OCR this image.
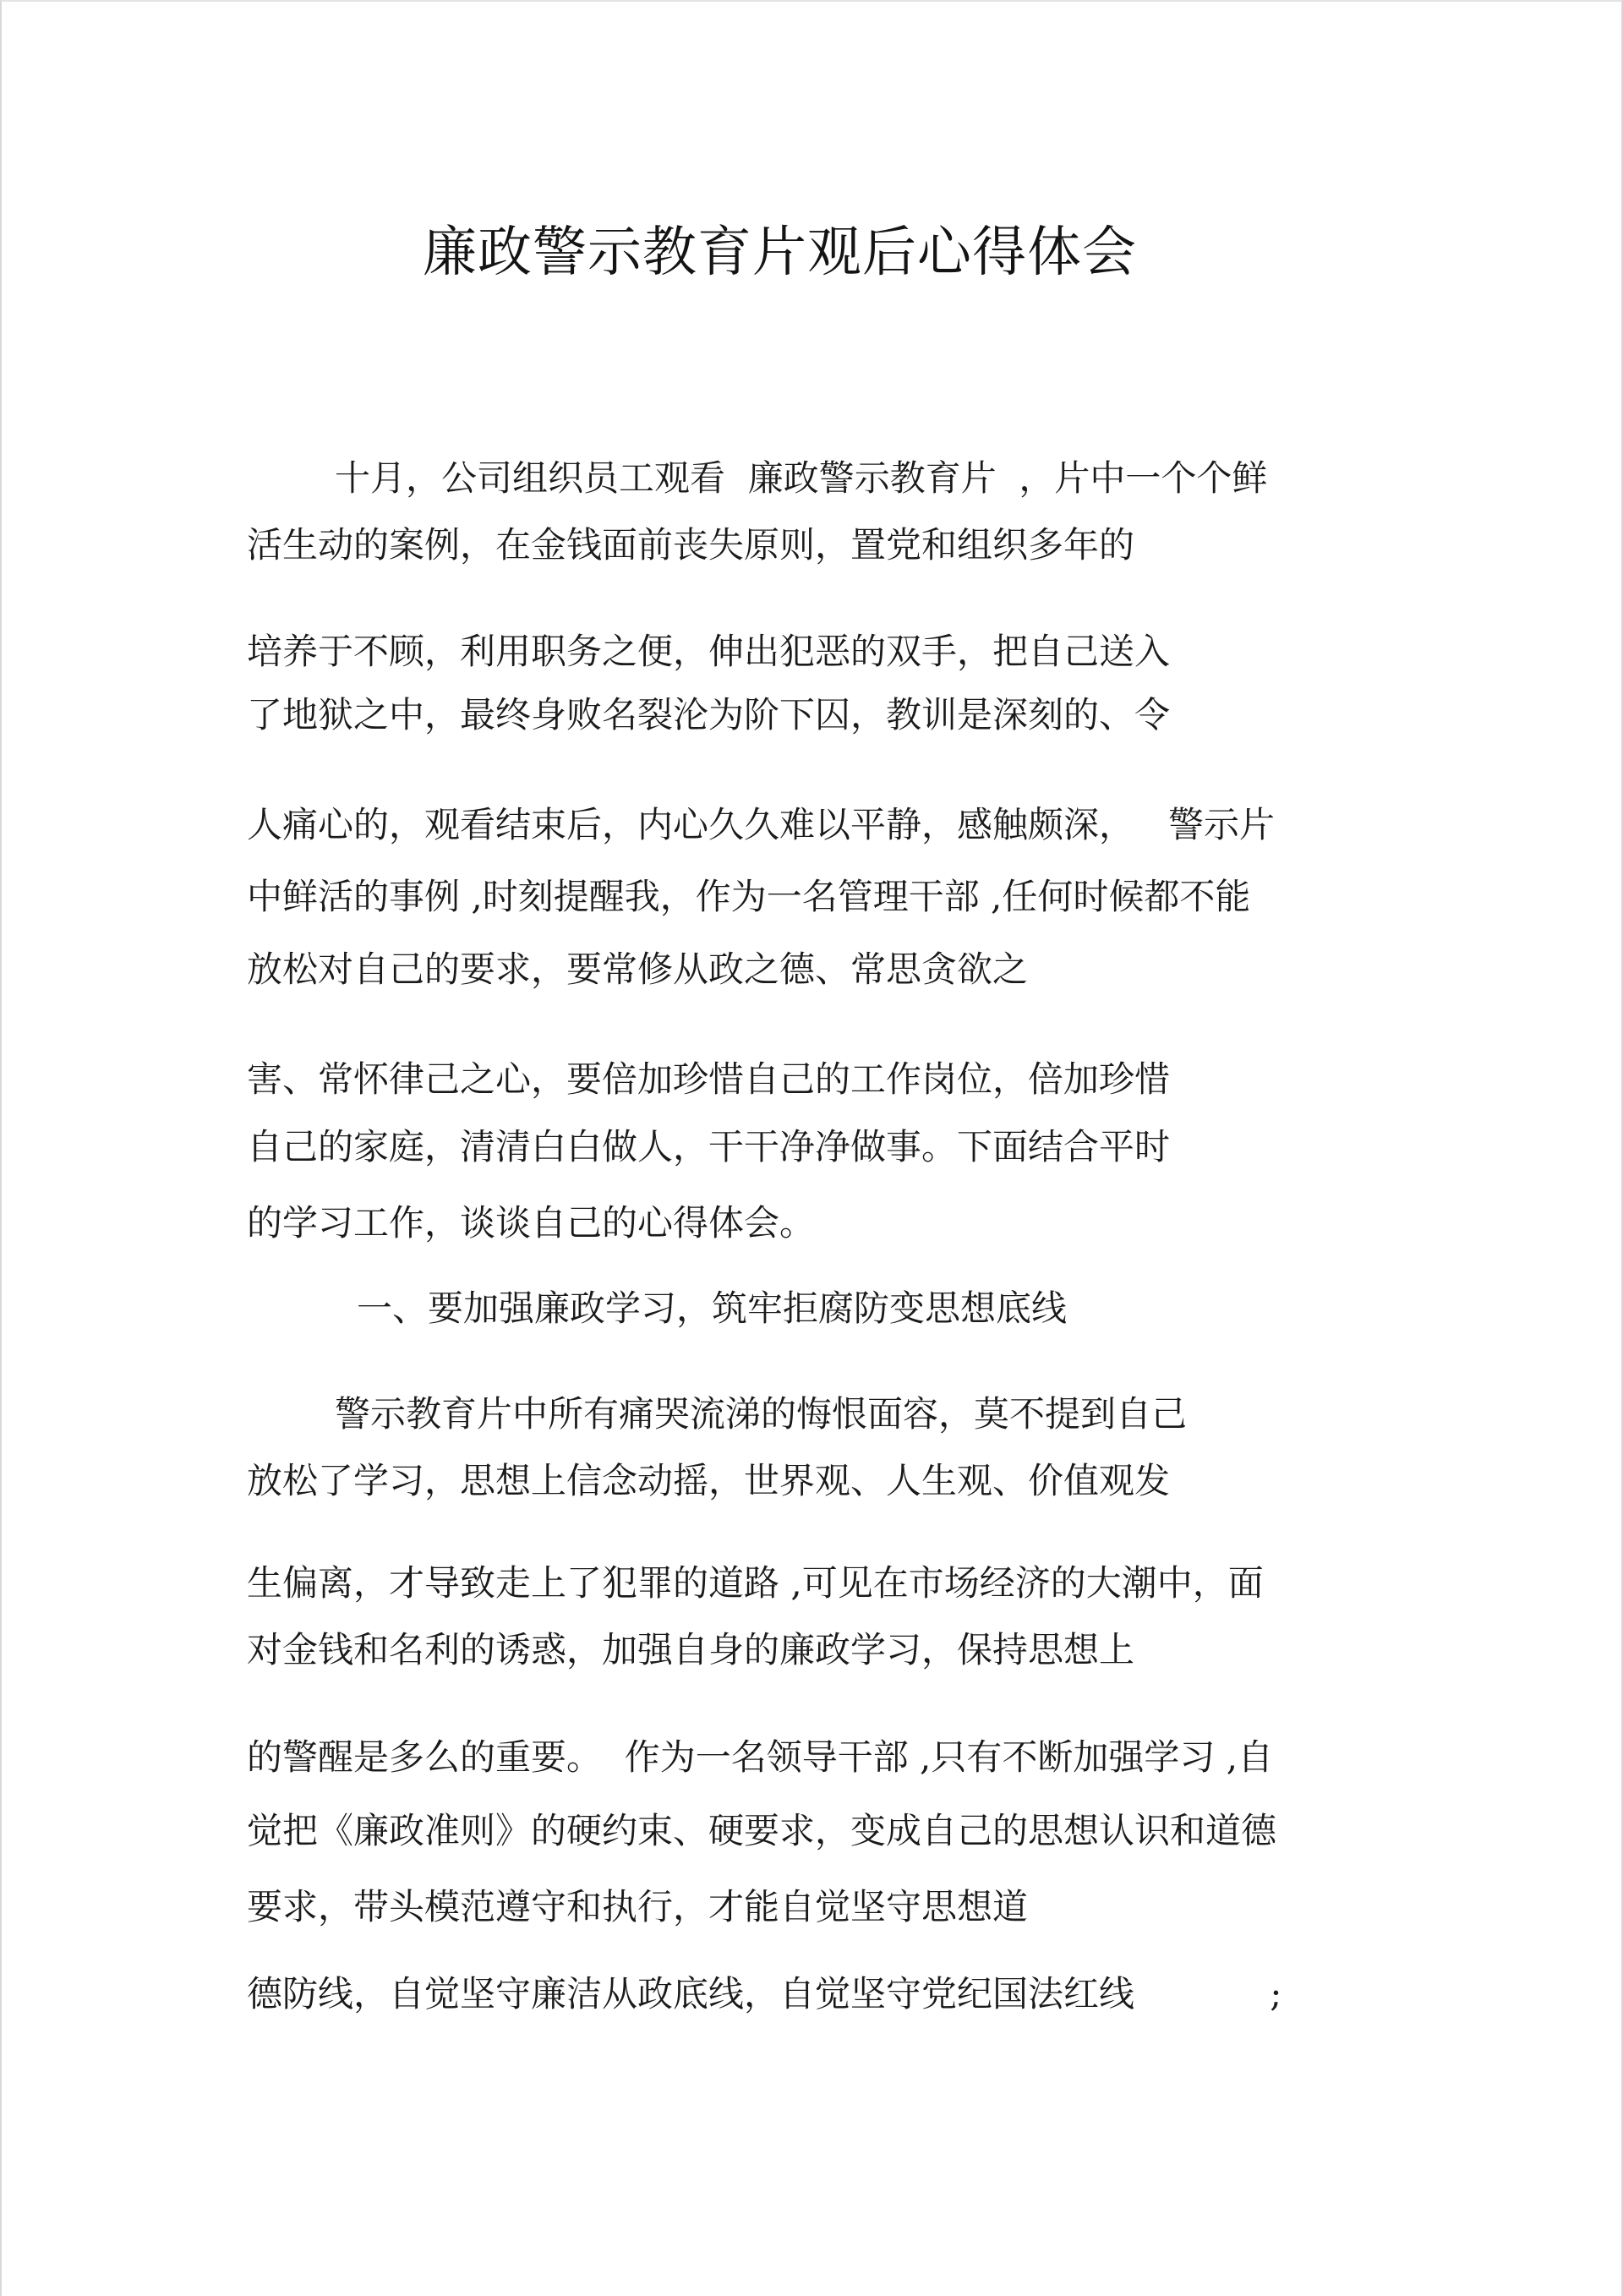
廉政警示教育片观后心得体会
十月，公司组织员工观看  廉政警示教育片  ，片中一个个鲜
活生动的案例，在金钱面前丧失原则，置党和组织多年的
培养于不顾，利用职务之便，伸出犯恶的双手，把自己送入
了地狱之中，最终身败名裂沦为阶下囚，教训是深刻的、令
人痛心的，观看结束后，内心久久难以平静，感触颇深，   警示片
中鲜活的事例 ,时刻提醒我，作为一名管理干部 ,任何时候都不能
放松对自己的要求，要常修从政之德、常思贪欲之
害、常怀律己之心，要倍加珍惜自己的工作岗位，倍加珍惜
自己的家庭，清清白白做人，干干净净做事。下面结合平时
的学习工作，谈谈自己的心得体会。
一、要加强廉政学习，筑牢拒腐防变思想底线
警示教育片中所有痛哭流涕的悔恨面容，莫不提到自己
放松了学习，思想上信念动摇，世界观、人生观、价值观发
生偏离，才导致走上了犯罪的道路 ,可见在市场经济的大潮中，面
对金钱和名利的诱惑，加强自身的廉政学习，保持思想上
的警醒是多么的重要。  作为一名领导干部 ,只有不断加强学习 ,自
觉把《廉政准则》的硬约束、硬要求，变成自己的思想认识和道德
要求，带头模范遵守和执行，才能自觉坚守思想道
德防线，自觉坚守廉洁从政底线，自觉坚守党纪国法红线            ;
